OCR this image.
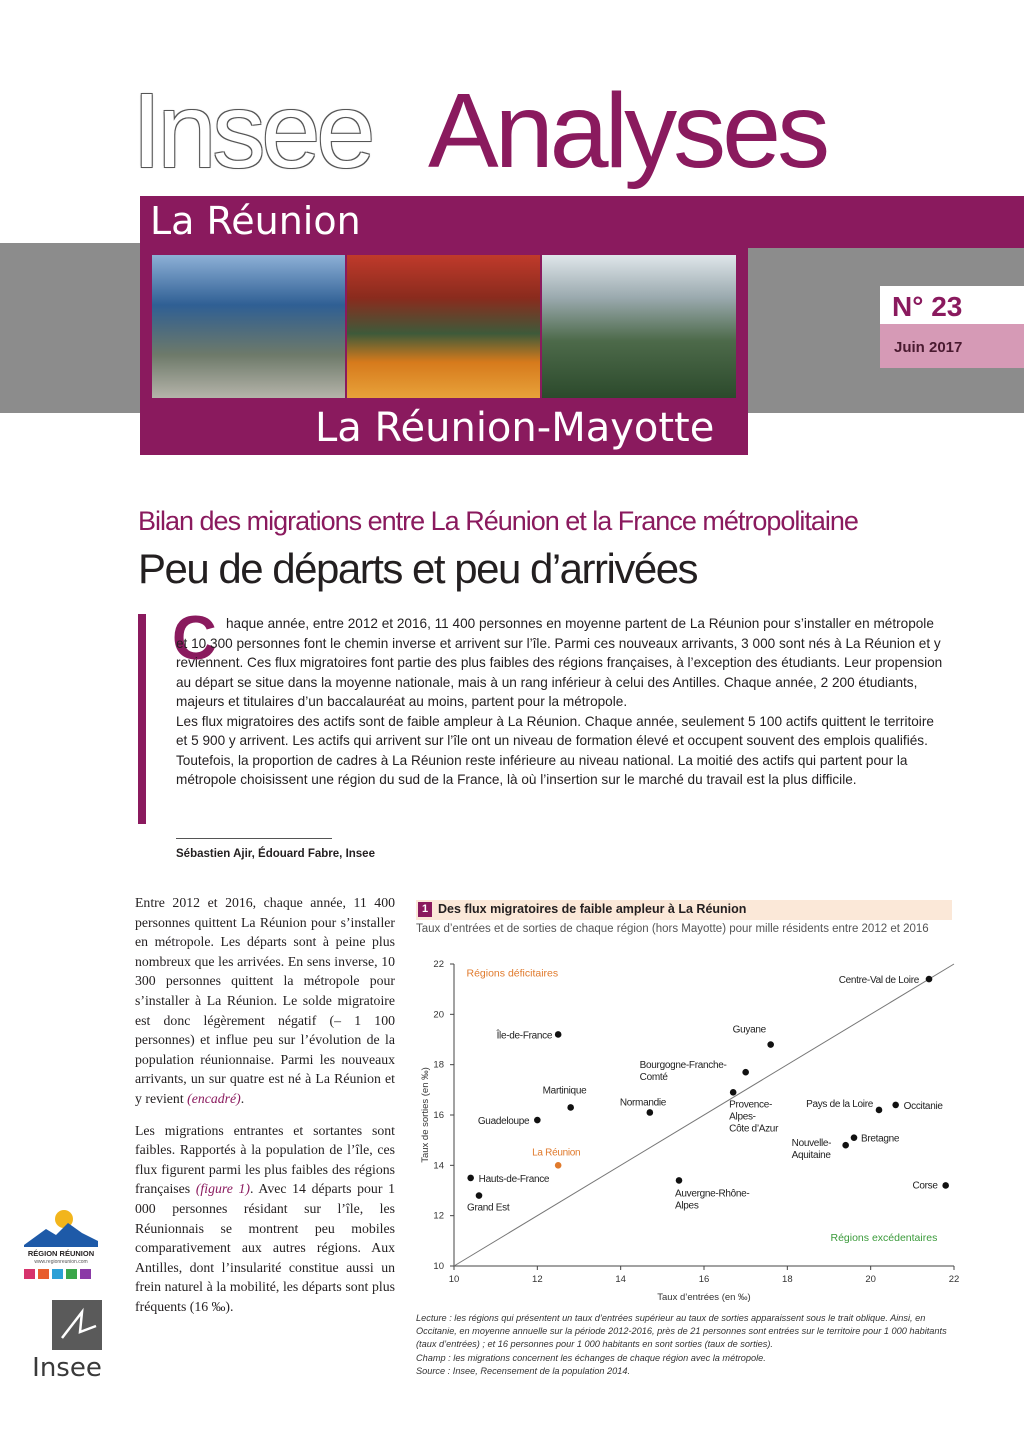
Insee Analyses
La Réunion
La Réunion-Mayotte
N° 23
Juin 2017
Bilan des migrations entre La Réunion et la France métropolitaine
Peu de départs et peu d’arrivées
C haque année, entre 2012 et 2016, 11 400 personnes en moyenne partent de La Réunion pour s’installer en métropole et 10 300 personnes font le chemin inverse et arrivent sur l’île. Parmi ces nouveaux arrivants, 3 000 sont nés à La Réunion et y reviennent. Ces flux migratoires font partie des plus faibles des régions françaises, à l’exception des étudiants. Leur propension au départ se situe dans la moyenne nationale, mais à un rang inférieur à celui des Antilles. Chaque année, 2 200 étudiants, majeurs et titulaires d’un baccalauréat au moins, partent pour la métropole.

Les flux migratoires des actifs sont de faible ampleur à La Réunion. Chaque année, seulement 5 100 actifs quittent le territoire et 5 900 y arrivent. Les actifs qui arrivent sur l’île ont un niveau de formation élevé et occupent souvent des emplois qualifiés. Toutefois, la proportion de cadres à La Réunion reste inférieure au niveau national. La moitié des actifs qui partent pour la métropole choisissent une région du sud de la France, là où l’insertion sur le marché du travail est la plus difficile.

Sébastien Ajir, Édouard Fabre, Insee

Entre 2012 et 2016, chaque année, 11 400 personnes quittent La Réunion pour s’installer en métropole. Les départs sont à peine plus nombreux que les arrivées. En sens inverse, 10 300 personnes quittent la métropole pour s’installer à La Réunion. Le solde migratoire est donc légèrement négatif (– 1 100 personnes) et influe peu sur l’évolution de la population réunionnaise. Parmi les nouveaux arrivants, un sur quatre est né à La Réunion et y revient (encadré).

Les migrations entrantes et sortantes sont faibles. Rapportés à la population de l’île, ces flux figurent parmi les plus faibles des régions françaises (figure 1). Avec 14 départs pour 1 000 personnes résidant sur l’île, les Réunionnais se montrent peu mobiles comparativement aux autres régions. Aux Antilles, dont l’insularité constitue aussi un frein naturel à la mobilité, les départs sont plus fréquents (16 ‰).

RÉGION RÉUNION
www.regionreunion.com
Insee
1 Des flux migratoires de faible ampleur à La Réunion
Taux d’entrées et de sorties de chaque région (hors Mayotte) pour mille résidents entre 2012 et 2016
10	12	14	16	18	20	22
10
12
14
16
18
20
22
Taux d’entrées (en ‰)
Taux de sorties (en ‰)
Régions déficitaires
Régions excédentaires
Centre-Val de Loire
Île-de-France
Guyane
Bourgogne-Franche-Comté
Martinique
Normandie	Provence-Alpes-Côte d’Azur
Pays de la Loire	Occitanie
Guadeloupe
Bretagne
Nouvelle-Aquitaine
La Réunion
Hauts-de-France
Auvergne-Rhône-Alpes
Corse
Grand Est

Lecture : les régions qui présentent un taux d’entrées supérieur au taux de sorties apparaissent sous le trait oblique. Ainsi, en Occitanie, en moyenne annuelle sur la période 2012-2016, près de 21 personnes sont entrées sur le territoire pour 1 000 habitants (taux d’entrées) ; et 16 personnes pour 1 000 habitants en sont sorties (taux de sorties).

Champ : les migrations concernent les échanges de chaque région avec la métropole.

Source : Insee, Recensement de la population 2014.
